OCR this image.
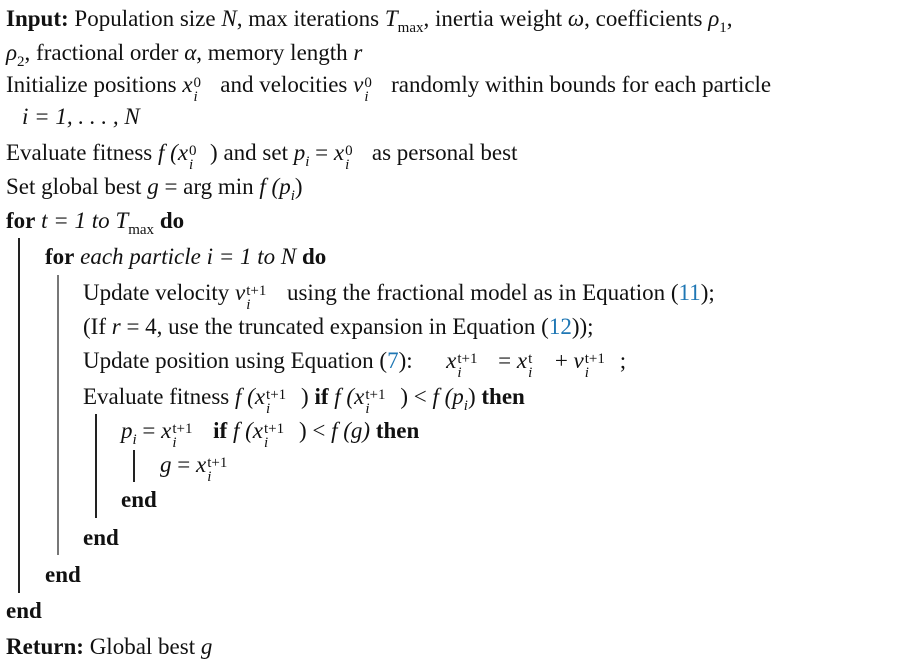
Input: Population size N, max iterations $T_{max}$, inertia weight ω, coefficients $\rho_1$,
$\rho_2$, fractional order α, memory length r
Initialize positions x 0
i and velocities v 0
i randomly within bounds for each particle
i = 1, . . . , N
Evaluate fitness f (x 0
i ) and set $p_i = x$ 0
i as personal best
Set global best g = arg min f $(p_i)$
for t = 1 to $T_{max}$ do
for each particle i = 1 to N do
Update velocity v t+1
i using the fractional model as in Equation (11);
(If r = 4, use the truncated expansion in Equation (12));
Update position using Equation (7): x t+1
i = x t
i + v t+1
i ;
Evaluate fitness f (x t+1
i ) if f (x t+1
i ) < f $(p_i)$ then
$p_i = x$ t+1
i if f (x t+1
i ) < f (g) then
g = x t+1
i
end
end
end
end
Return: Global best g
